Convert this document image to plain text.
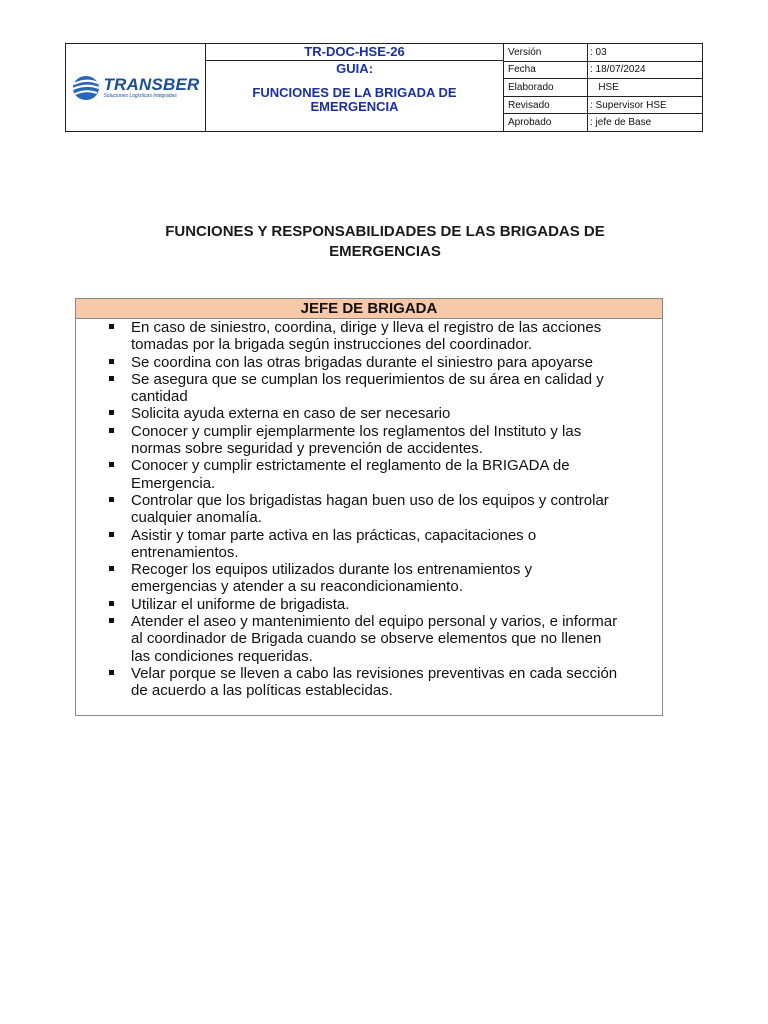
TRANSBER
Soluciones Logísticas Integradas
TR-DOC-HSE-26
GUIA:
FUNCIONES DE LA BRIGADA DE
EMERGENCIA
Versión	: 03
Fecha	: 18/07/2024
Elaborado	HSE
Revisado	: Supervisor HSE
Aprobado	: jefe de Base
FUNCIONES Y RESPONSABILIDADES DE LAS BRIGADAS DE
EMERGENCIAS
JEFE DE BRIGADA
En caso de siniestro, coordina, dirige y lleva el registro de las acciones
tomadas por la brigada según instrucciones del coordinador.
Se coordina con las otras brigadas durante el siniestro para apoyarse
Se asegura que se cumplan los requerimientos de su área en calidad y
cantidad
Solicita ayuda externa en caso de ser necesario
Conocer y cumplir ejemplarmente los reglamentos del Instituto y las
normas sobre seguridad y prevención de accidentes.
Conocer y cumplir estrictamente el reglamento de la BRIGADA de
Emergencia.
Controlar que los brigadistas hagan buen uso de los equipos y controlar
cualquier anomalía.
Asistir y tomar parte activa en las prácticas, capacitaciones o
entrenamientos.
Recoger los equipos utilizados durante los entrenamientos y
emergencias y atender a su reacondicionamiento.
Utilizar el uniforme de brigadista.
Atender el aseo y mantenimiento del equipo personal y varios, e informar
al coordinador de Brigada cuando se observe elementos que no llenen
las condiciones requeridas.
Velar porque se lleven a cabo las revisiones preventivas en cada sección
de acuerdo a las políticas establecidas.
